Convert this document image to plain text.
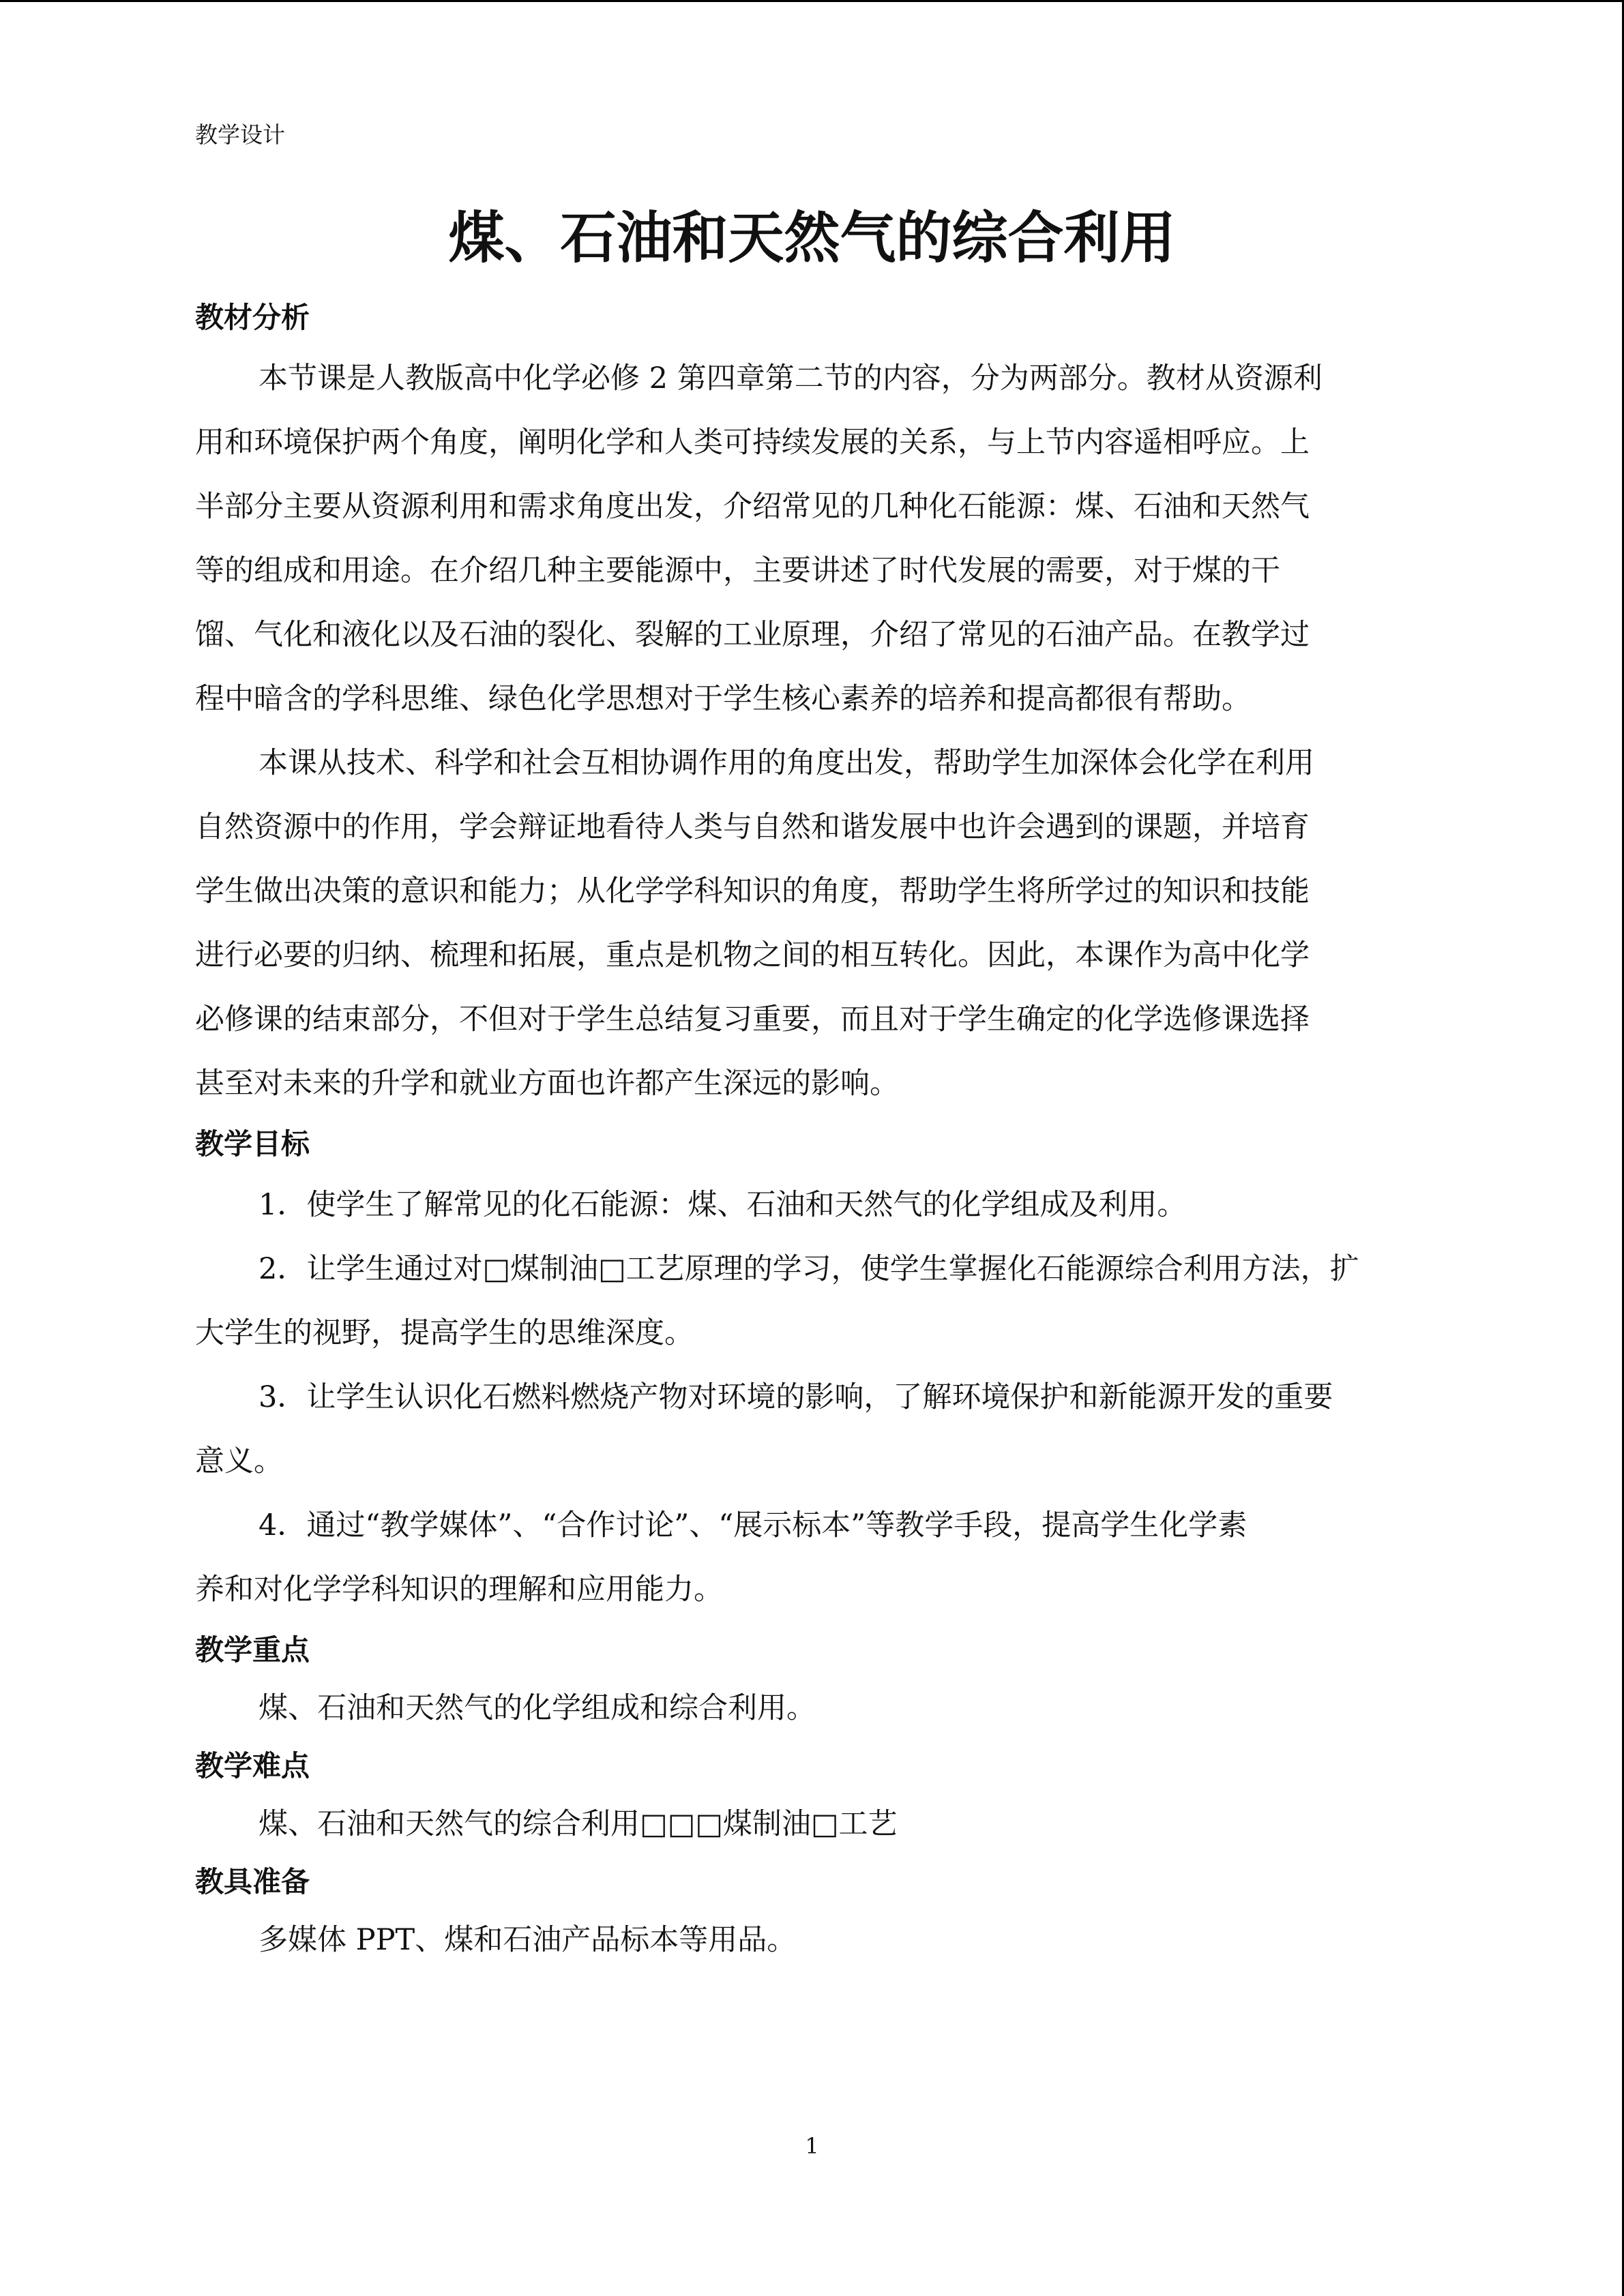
教学设计
煤、石油和天然气的综合利用
教材分析
本节课是人教版高中化学必修 2 第四章第二节的内容，分为两部分。教材从资源利
用和环境保护两个角度，阐明化学和人类可持续发展的关系，与上节内容遥相呼应。上
半部分主要从资源利用和需求角度出发，介绍常见的几种化石能源：煤、石油和天然气
等的组成和用途。在介绍几种主要能源中，主要讲述了时代发展的需要，对于煤的干
馏、气化和液化以及石油的裂化、裂解的工业原理，介绍了常见的石油产品。在教学过
程中暗含的学科思维、绿色化学思想对于学生核心素养的培养和提高都很有帮助。
本课从技术、科学和社会互相协调作用的角度出发，帮助学生加深体会化学在利用
自然资源中的作用，学会辩证地看待人类与自然和谐发展中也许会遇到的课题，并培育
学生做出决策的意识和能力；从化学学科知识的角度，帮助学生将所学过的知识和技能
进行必要的归纳、梳理和拓展，重点是机物之间的相互转化。因此，本课作为高中化学
必修课的结束部分，不但对于学生总结复习重要，而且对于学生确定的化学选修课选择
甚至对未来的升学和就业方面也许都产生深远的影响。
教学目标
1．使学生了解常见的化石能源：煤、石油和天然气的化学组成及利用。
2．让学生通过对□煤制油□工艺原理的学习，使学生掌握化石能源综合利用方法，扩
大学生的视野，提高学生的思维深度。
3．让学生认识化石燃料燃烧产物对环境的影响，了解环境保护和新能源开发的重要
意义。
4．通过“教学媒体”、“合作讨论”、“展示标本”等教学手段，提高学生化学素
养和对化学学科知识的理解和应用能力。
教学重点
煤、石油和天然气的化学组成和综合利用。
教学难点
煤、石油和天然气的综合利用□□□煤制油□工艺
教具准备
多媒体 PPT、煤和石油产品标本等用品。
1
